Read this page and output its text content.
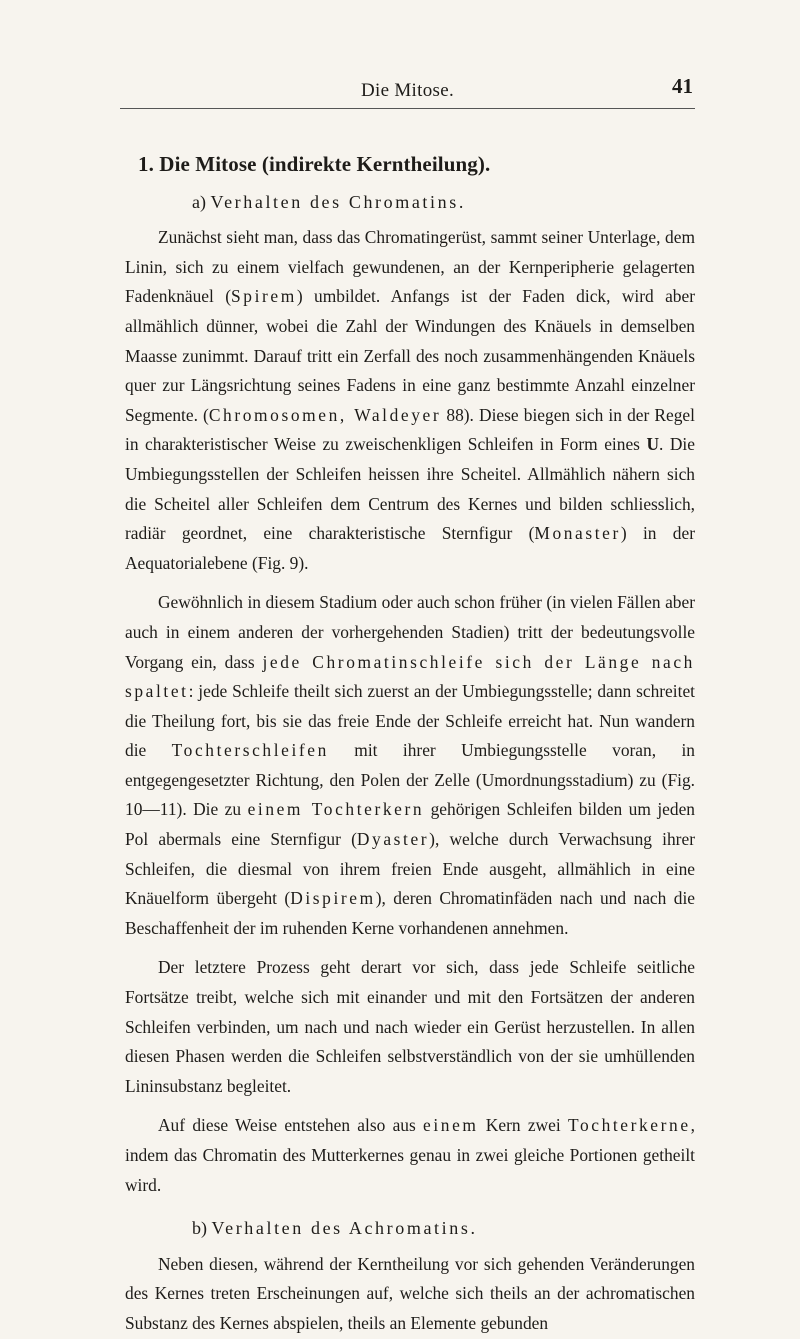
Die Mitose.	41
1. Die Mitose (indirekte Kerntheilung).
a) Verhalten des Chromatins.

Zunächst sieht man, dass das Chromatingerüst, sammt seiner Unterlage, dem Linin, sich zu einem vielfach gewundenen, an der Kernperipherie gelagerten Fadenknäuel (Spirem) umbildet. Anfangs ist der Faden dick, wird aber allmählich dünner, wobei die Zahl der Windungen des Knäuels in demselben Maasse zunimmt. Darauf tritt ein Zerfall des noch zusammenhängenden Knäuels quer zur Längsrichtung seines Fadens in eine ganz bestimmte Anzahl einzelner Segmente. (Chromosomen, Waldeyer 88). Diese biegen sich in der Regel in charakteristischer Weise zu zweischenkligen Schleifen in Form eines U. Die Umbiegungsstellen der Schleifen heissen ihre Scheitel. Allmählich nähern sich die Scheitel aller Schleifen dem Centrum des Kernes und bilden schliesslich, radiär geordnet, eine charakteristische Sternfigur (Monaster) in der Aequatorialebene (Fig. 9).

Gewöhnlich in diesem Stadium oder auch schon früher (in vielen Fällen aber auch in einem anderen der vorhergehenden Stadien) tritt der bedeutungsvolle Vorgang ein, dass jede Chromatinschleife sich der Länge nach spaltet: jede Schleife theilt sich zuerst an der Umbiegungsstelle; dann schreitet die Theilung fort, bis sie das freie Ende der Schleife erreicht hat. Nun wandern die Tochterschleifen mit ihrer Umbiegungsstelle voran, in entgegengesetzter Richtung, den Polen der Zelle (Umordnungsstadium) zu (Fig. 10—11). Die zu einem Tochterkern gehörigen Schleifen bilden um jeden Pol abermals eine Sternfigur (Dyaster), welche durch Verwachsung ihrer Schleifen, die diesmal von ihrem freien Ende ausgeht, allmählich in eine Knäuelform übergeht (Dispirem), deren Chromatinfäden nach und nach die Beschaffenheit der im ruhenden Kerne vorhandenen annehmen.

Der letztere Prozess geht derart vor sich, dass jede Schleife seitliche Fortsätze treibt, welche sich mit einander und mit den Fortsätzen der anderen Schleifen verbinden, um nach und nach wieder ein Gerüst herzustellen. In allen diesen Phasen werden die Schleifen selbstverständlich von der sie umhüllenden Lininsubstanz begleitet.

Auf diese Weise entstehen also aus einem Kern zwei Tochterkerne, indem das Chromatin des Mutterkernes genau in zwei gleiche Portionen getheilt wird.

b) Verhalten des Achromatins.

Neben diesen, während der Kerntheilung vor sich gehenden Veränderungen des Kernes treten Erscheinungen auf, welche sich theils an der achromatischen Substanz des Kernes abspielen, theils an Elemente gebunden
